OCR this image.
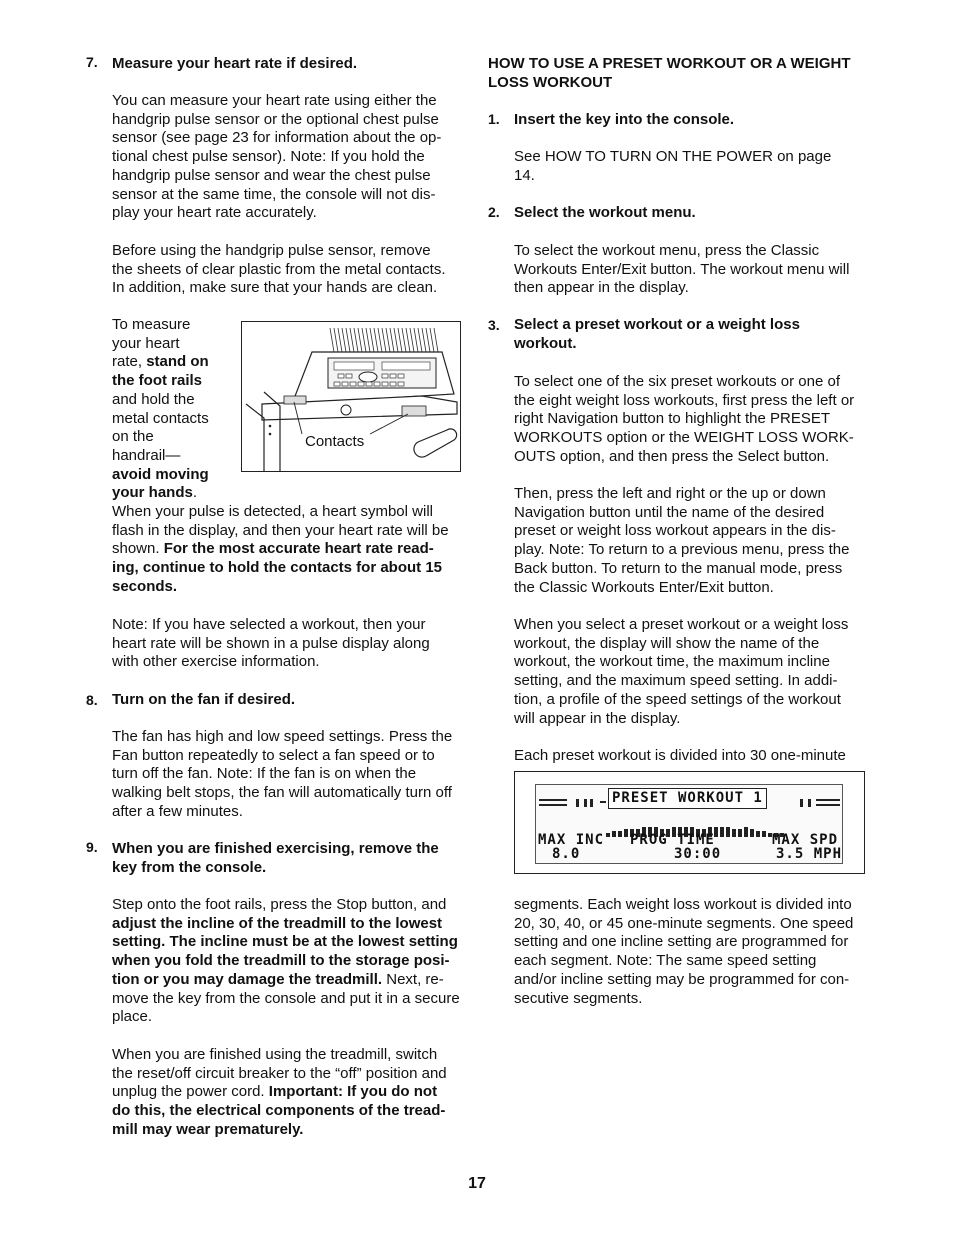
7. Measure your heart rate if desired.
You can measure your heart rate using either the
handgrip pulse sensor or the optional chest pulse
sensor (see page 23 for information about the op-
tional chest pulse sensor). Note: If you hold the
handgrip pulse sensor and wear the chest pulse
sensor at the same time, the console will not dis-
play your heart rate accurately.
Before using the handgrip pulse sensor, remove
the sheets of clear plastic from the metal contacts.
In addition, make sure that your hands are clean.
To measure
your heart
rate, stand on
the foot rails
and hold the
metal contacts
on the
handrail—
avoid moving
your hands.
Contacts
When your pulse is detected, a heart symbol will
flash in the display, and then your heart rate will be
shown. For the most accurate heart rate read-
ing, continue to hold the contacts for about 15
seconds.
Note: If you have selected a workout, then your
heart rate will be shown in a pulse display along
with other exercise information.
8. Turn on the fan if desired.
The fan has high and low speed settings. Press the
Fan button repeatedly to select a fan speed or to
turn off the fan. Note: If the fan is on when the
walking belt stops, the fan will automatically turn off
after a few minutes.
9. When you are finished exercising, remove the
key from the console.
Step onto the foot rails, press the Stop button, and
adjust the incline of the treadmill to the lowest
setting. The incline must be at the lowest setting
when you fold the treadmill to the storage posi-
tion or you may damage the treadmill. Next, re-
move the key from the console and put it in a secure
place.
When you are finished using the treadmill, switch
the reset/off circuit breaker to the “off” position and
unplug the power cord. Important: If you do not
do this, the electrical components of the tread-
mill may wear prematurely.
HOW TO USE A PRESET WORKOUT OR A WEIGHT
LOSS WORKOUT
1. Insert the key into the console.
See HOW TO TURN ON THE POWER on page
14.
2. Select the workout menu.
To select the workout menu, press the Classic
Workouts Enter/Exit button. The workout menu will
then appear in the display.
3. Select a preset workout or a weight loss
workout.
To select one of the six preset workouts or one of
the eight weight loss workouts, first press the left or
right Navigation button to highlight the PRESET
WORKOUTS option or the WEIGHT LOSS WORK-
OUTS option, and then press the Select button.
Then, press the left and right or the up or down
Navigation button until the name of the desired
preset or weight loss workout appears in the dis-
play. Note: To return to a previous menu, press the
Back button. To return to the manual mode, press
the Classic Workouts Enter/Exit button.
When you select a preset workout or a weight loss
workout, the display will show the name of the
workout, the workout time, the maximum incline
setting, and the maximum speed setting. In addi-
tion, a profile of the speed settings of the workout
will appear in the display.
Each preset workout is divided into 30 one-minute
PRESET WORKOUT 1
MAX INC PROG TIME	MAX SPD
8.0	30:00	3.5 MPH
segments. Each weight loss workout is divided into
20, 30, 40, or 45 one-minute segments. One speed
setting and one incline setting are programmed for
each segment. Note: The same speed setting
and/or incline setting may be programmed for con-
secutive segments.
17
